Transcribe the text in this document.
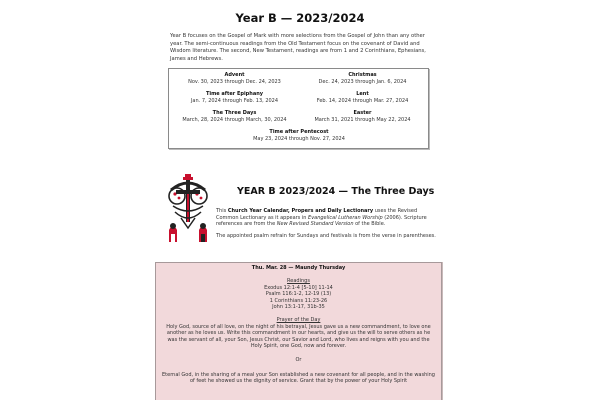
Year B — 2023/2024
Year B focuses on the Gospel of Mark with more selections from the Gospel of John than any other year. The semi-continuous readings from the Old Testament focus on the covenant of David and Wisdom literature. The second, New Testament, readings are from 1 and 2 Corinthians, Ephesians, James and Hebrews.
Advent
Nov. 30, 2023 through Dec. 24, 2023
Christmas
Dec. 24, 2023 through Jan. 6, 2024
Time after Epiphany
Jan. 7, 2024 through Feb. 13, 2024
Lent
Feb. 14, 2024 through Mar. 27, 2024
The Three Days
March, 28, 2024 through March, 30, 2024
Easter
March 31, 2021 through May 22, 2024
Time after Pentecost
May 23, 2024 through Nov. 27, 2024
YEAR B 2023/2024 — The Three Days

This Church Year Calendar, Propers and Daily Lectionary uses the Revised Common Lectionary as it appears in Evangelical Lutheran Worship (2006). Scripture references are from the New Revised Standard Version of the Bible.

The appointed psalm refrain for Sundays and festivals is from the verse in parentheses.

Thu. Mar. 28 — Maundy Thursday
Readings
Exodus 12:1-4 [5-10] 11-14
Psalm 116:1-2, 12-19 (13)
1 Corinthians 11:23-26
John 13:1-17, 31b-35
Prayer of the Day
Holy God, source of all love, on the night of his betrayal, Jesus gave us a new commandment, to love one another as he loves us. Write this commandment in our hearts, and give us the will to serve others as he was the servant of all, your Son, Jesus Christ, our Savior and Lord, who lives and reigns with you and the Holy Spirit, one God, now and forever.
Or
Eternal God, in the sharing of a meal your Son established a new covenant for all people, and in the washing of feet he showed us the dignity of service. Grant that by the power of your Holy Spirit
